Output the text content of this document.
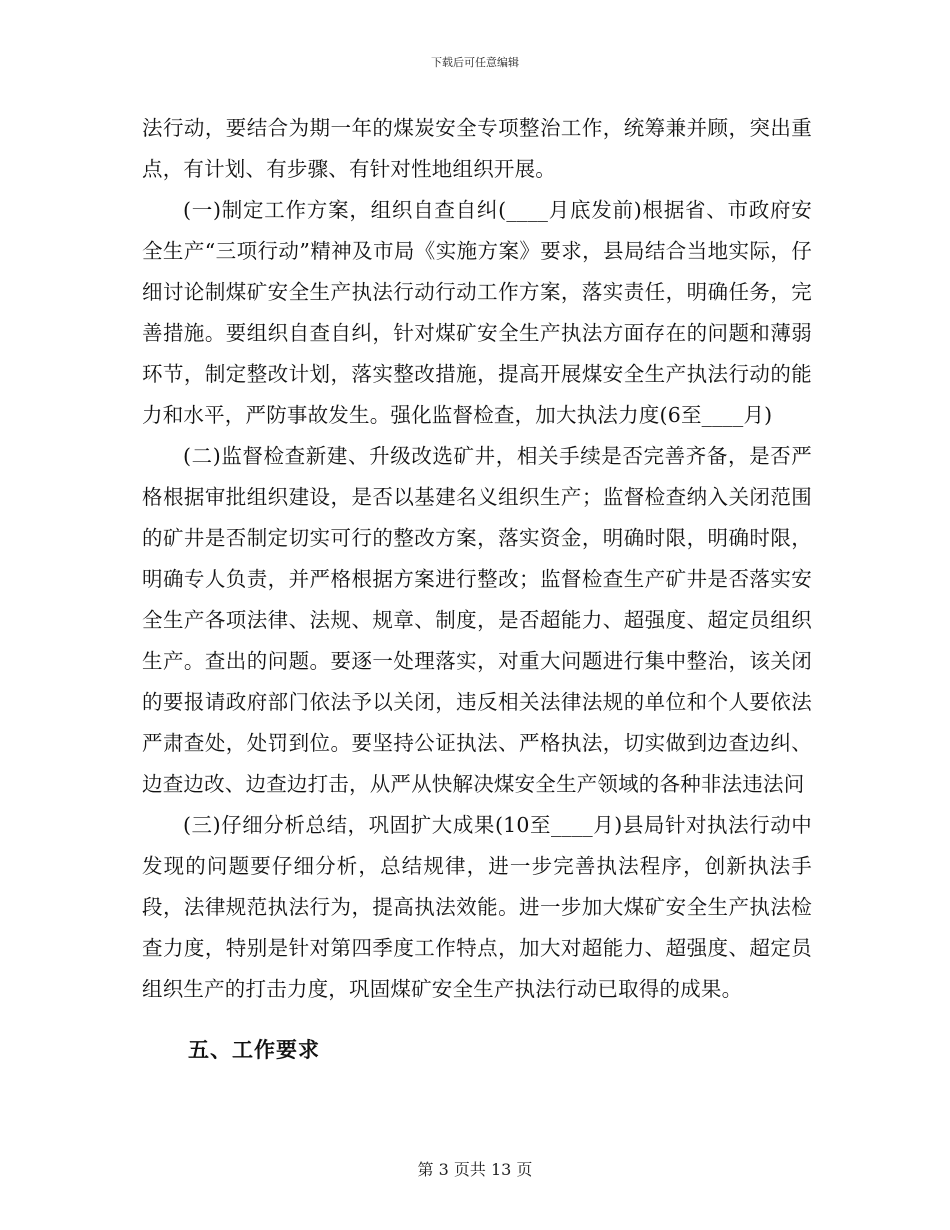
下载后可任意编辑

法行动，要结合为期一年的煤炭安全专项整治工作，统筹兼并顾，突出重点，有计划、有步骤、有针对性地组织开展。

(一)制定工作方案，组织自查自纠(____月底发前)根据省、市政府安全生产“三项行动”精神及市局《实施方案》要求，县局结合当地实际，仔细讨论制煤矿安全生产执法行动行动工作方案，落实责任，明确任务，完善措施。要组织自查自纠，针对煤矿安全生产执法方面存在的问题和薄弱环节，制定整改计划，落实整改措施，提高开展煤安全生产执法行动的能力和水平，严防事故发生。强化监督检查，加大执法力度(6至____月)

(二)监督检查新建、升级改选矿井，相关手续是否完善齐备，是否严格根据审批组织建设，是否以基建名义组织生产；监督检查纳入关闭范围的矿井是否制定切实可行的整改方案，落实资金，明确时限，明确时限，明确专人负责，并严格根据方案进行整改；监督检查生产矿井是否落实安全生产各项法律、法规、规章、制度，是否超能力、超强度、超定员组织生产。查出的问题。要逐一处理落实，对重大问题进行集中整治，该关闭的要报请政府部门依法予以关闭，违反相关法律法规的单位和个人要依法严肃查处，处罚到位。要坚持公证执法、严格执法，切实做到边查边纠、边查边改、边查边打击，从严从快解决煤安全生产领域的各种非法违法问

(三)仔细分析总结，巩固扩大成果(10至____月)县局针对执法行动中发现的问题要仔细分析，总结规律，进一步完善执法程序，创新执法手段，法律规范执法行为，提高执法效能。进一步加大煤矿安全生产执法检查力度，特别是针对第四季度工作特点，加大对超能力、超强度、超定员组织生产的打击力度，巩固煤矿安全生产执法行动已取得的成果。

五、工作要求
第 3 页共 13 页
